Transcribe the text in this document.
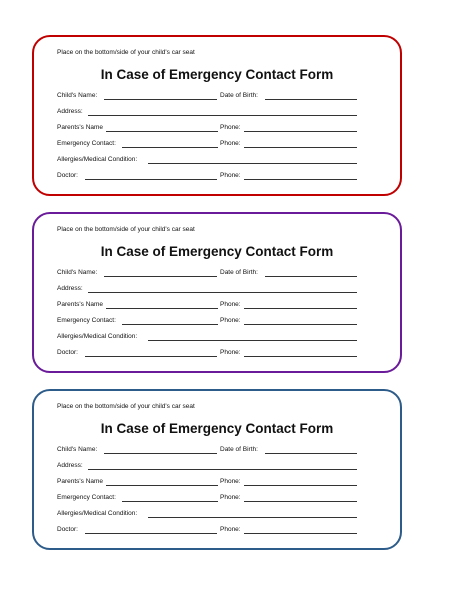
Place on the bottom/side of your child's car seat
In Case of Emergency Contact Form
Child's Name:	Date of Birth:
Address:
Parents's Name	Phone:
Emergency Contact:	Phone:
Allergies/Medical Condition:
Doctor:	Phone:
Place on the bottom/side of your child's car seat
In Case of Emergency Contact Form
Child's Name:	Date of Birth:
Address:
Parents's Name	Phone:
Emergency Contact:	Phone:
Allergies/Medical Condition:
Doctor:	Phone:
Place on the bottom/side of your child's car seat
In Case of Emergency Contact Form
Child's Name:	Date of Birth:
Address:
Parents's Name	Phone:
Emergency Contact:	Phone:
Allergies/Medical Condition:
Doctor:	Phone:
